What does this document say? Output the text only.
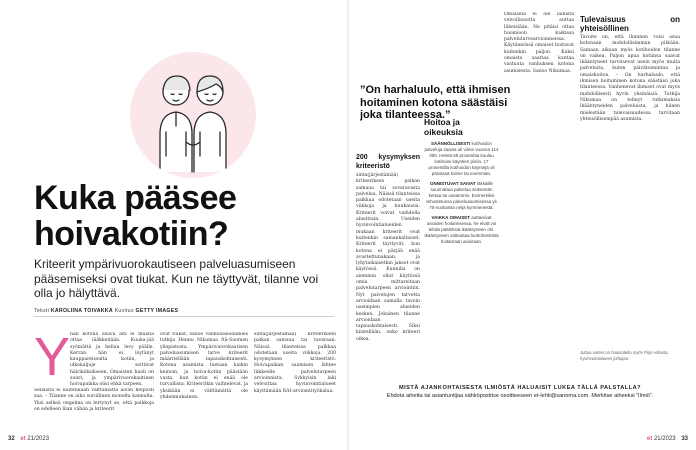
Kuka pääsee hoivakotiin?

Kriteerit ympärivuorokautiseen palveluasumiseen pääsemiseksi ovat tiukat. Kun ne täyttyvät, tilanne voi olla jo hälyttävä.

Teksti KAROLIINA TOIVAKKA Kuvitus GETTY IMAGES
Y hän kotona asuva äiti ei muista ottaa lääkkeitään. Kuuka-jää syömättä ja hellan levy päälle. Kerran hän ei löytänyt kauppareissulta kotiin, ja ulkokaljuje soittivat häiriköksikseen. Omaisten huoli on suuri, ja ympärivuorokautinen hoivapaikka olisi ehkä tarpeen.
Sellaista ei kuitenkaan välttämättä aivan helposti saa. – Tilanne on aika surullinen monelta kannalta. Yksi selkeä ongelma on lertynyt se, että paikkoja on edelleen liian vähän ja kriteerit
ovat tiukat, sanoo vanhusasiodamies tutkija Hennu Nikumaa Itä-Suomen yliopistosta. Ympärivuorokautisen palveluasumisen tarve kriteerit määritellään tapauskohtaisesti. Kotona asumista tuetaan kaikin keinoin, ja hoiva-kotiin päästään vasta, kun kotiin ei enää ole turvallista. Kriteeritkin vaihtelevat, ja yksikään ei välttämättä ole yhdenmukainen.
sinta(järjestämää) kriteeriksen palkan samaua tai tavaraan. Näissä tilanteissa palkkaa odotetaan useita viikkoja. 200 kysymyksen kriteeristö. Hoivapaikan saamisen lähtee liikkeelle palvelutarpeen arvioinnista. Sykkyisin laki velvoittaa hyvinvointialueet käyttämään RAI-arviointityökalua.
32 et 21/2023
”On harhaluulo, että ihmisen hoitaminen kotona säästäisi joka tilanteessa.”
200 kysymyksen kriteeristö
sinta(järjestämää) kriteeriksen palkan samaua tai sovaravasta palvelua. Näissä tilanteissa palkkaa odotetaan useita viikkoja ja kuukausia. Kriteerit voivat vaihdella alueittain. Useiden hyvinvointialueiden mukaan kriteerit ovat kuitenkin samankaltaiset. Kriteerit täyttyvät, kun kotona ei pärjää enää avustettunakaan, ja lyhytaikaisetkin jaksot ovat käytössä. Kunnilla on aiemmin ollut käytössä omia mittareitaan palvelutarpeen arviointiin. Nyt palvelujen tarvetta arvioidaan samalla tavoin useimpien alueiden kesken. Jokainen tilanne arvioidaan tapauskohtaisesti. Siksi kiistellään, onko kriteeri oikea.
Hoitoa ja oikeuksia
SÄÄNNÖLLISESTI kotihoidon palveluja saavia oli viime vuonna 114 000. Heistä 59 prosenttia kuuluu kotihoito käyntien piiriin. 17 prosentilla kotihoidon käyntejä oli päivässä kolme tai enemmän.
ONNISTUVAT SAIVAT läkkäille suunnattua palvelua seitsemän kertaa tai useammin. Esimerkiksi tehostetussa palveluasumisessa yli 75-vuotiaista neljä kymmenestä.
VAIKKA OMAISET auttaisivat asioiden hoitamisessa, he eivät voi tehdä päätöksiä ikääntyneen ohi. Ikääntyneen valtuuttaa luottohenkilöä hoitamaan asioitaan.
Omaisilla ei ole laillista velvollisuutta auttaa läheisiään. Ne pitäisi ottaa huomioon kaikissa palvelutarvearvioinneissa. Käytännössä omaiset hoitavat kuitenkin paljon. Kaksi omaista saattaa kantaa vastuuta vanhuksen kotona asumisesta. Sanoo Nikumaa.
Tulevaisuus on yhteisöllinen
Tavoite on, että ihminen voisi asua kotonaan mahdollisimman pitkään. Samaan aikaan myös kotihoidon tilanne on vaikea. Paljon apua kotiinsa saavat ikääntyneet tarvitsevat usein myös muita palveluita, kuten päivätoimintaa ja omaishoitoa. – On harhaluulo, että ihmisen hoitaminen kotona säästäisi joka tilanteessa. Vanhenevat ihmiset ovat myös mahdollisesti hyvin yksinäisiä. Tutkija Nikumaa on tehnyt tutkimuksia ikääntyneiden palveluista, ja hänen mielestään tulevaisuudessa tarvitaan yhteisöllisempää asumista.
Juttua varten on haastateltu myös Pirjo Hiltusta, hyvinvointialueen johtajaa.
MISTÄ AJANKOHTAISESTA ILMIÖSTÄ HALUAISIT LUKEA TÄLLÄ PALSTALLA?
Ehdota aihetta tai asiantuntijaa sähköpostitse osoitteeseen et-lehti@sanoma.com. Merkitse aiheeksi ”Ilmiö”.
et 21/2023 33
